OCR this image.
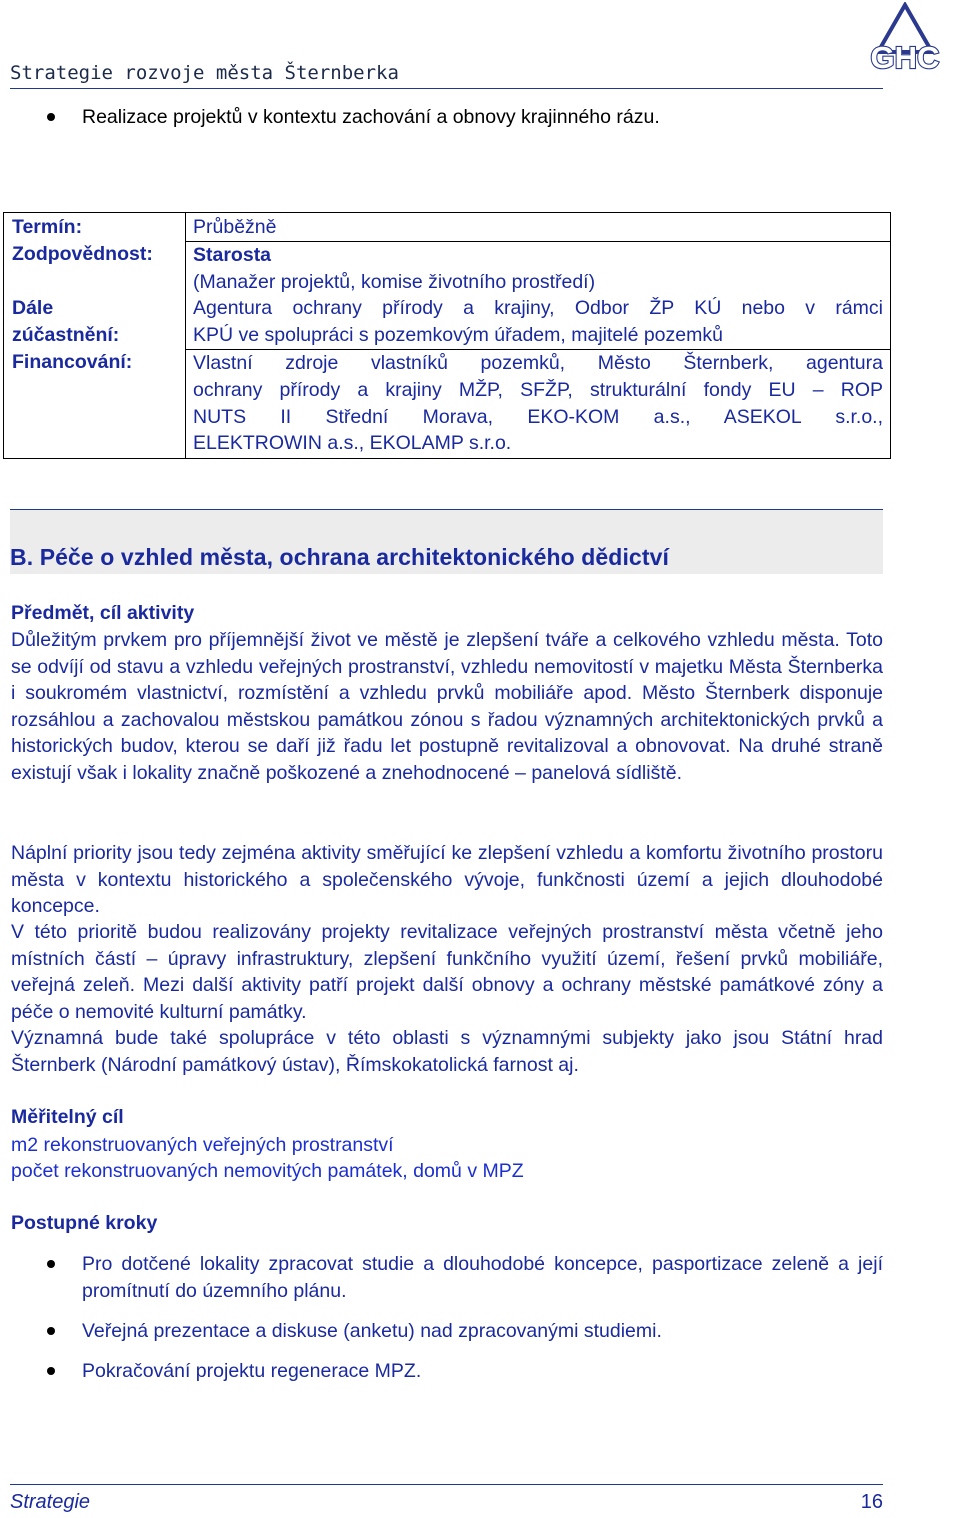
Strategie rozvoje města Šternberka	GHC
Realizace projektů v kontextu zachování a obnovy krajinného rázu.
Termín:	Průběžně
Zodpovědnost:	Starosta
(Manažer projektů, komise životního prostředí)

Dále
zúčastnění:	Agentura ochrany přírody a krajiny, Odbor ŽP KÚ nebo v rámci
KPÚ ve spolupráci s pozemkovým úřadem, majitelé pozemků

Financování:	Vlastní zdroje vlastníků pozemků, Město Šternberk, agentura
ochrany přírody a krajiny MŽP, SFŽP, strukturální fondy EU – ROP
NUTS II Střední Morava, EKO-KOM a.s., ASEKOL s.r.o.,
ELEKTROWIN a.s., EKOLAMP s.r.o.
B. Péče o vzhled města, ochrana architektonického dědictví
Předmět, cíl aktivity
Důležitým prvkem pro příjemnější život ve městě je zlepšení tváře a celkového vzhledu města. Toto se odvíjí od stavu a vzhledu veřejných prostranství, vzhledu nemovitostí v majetku Města Šternberka i soukromém vlastnictví, rozmístění a vzhledu prvků mobiliáře apod. Město Šternberk disponuje rozsáhlou a zachovalou městskou památkou zónou s řadou významných architektonických prvků a historických budov, kterou se daří již řadu let postupně revitalizoval a obnovovat. Na druhé straně existují však i lokality značně poškozené a znehodnocené – panelová sídliště.
Náplní priority jsou tedy zejména aktivity směřující ke zlepšení vzhledu a komfortu životního prostoru města v kontextu historického a společenského vývoje, funkčnosti území a jejich dlouhodobé koncepce.
V této prioritě budou realizovány projekty revitalizace veřejných prostranství města včetně jeho místních částí – úpravy infrastruktury, zlepšení funkčního využití území, řešení prvků mobiliáře, veřejná zeleň. Mezi další aktivity patří projekt další obnovy a ochrany městské památkové zóny a péče o nemovité kulturní památky.
Významná bude také spolupráce v této oblasti s významnými subjekty jako jsou Státní hrad Šternberk (Národní památkový ústav), Římskokatolická farnost aj.
Měřitelný cíl
m2 rekonstruovaných veřejných prostranství
počet rekonstruovaných nemovitých památek, domů v MPZ
Postupné kroky
Pro dotčené lokality zpracovat studie a dlouhodobé koncepce, pasportizace zeleně a její promítnutí do územního plánu.
Veřejná prezentace a diskuse (anketu) nad zpracovanými studiemi.
Pokračování projektu regenerace MPZ.
Strategie	16
